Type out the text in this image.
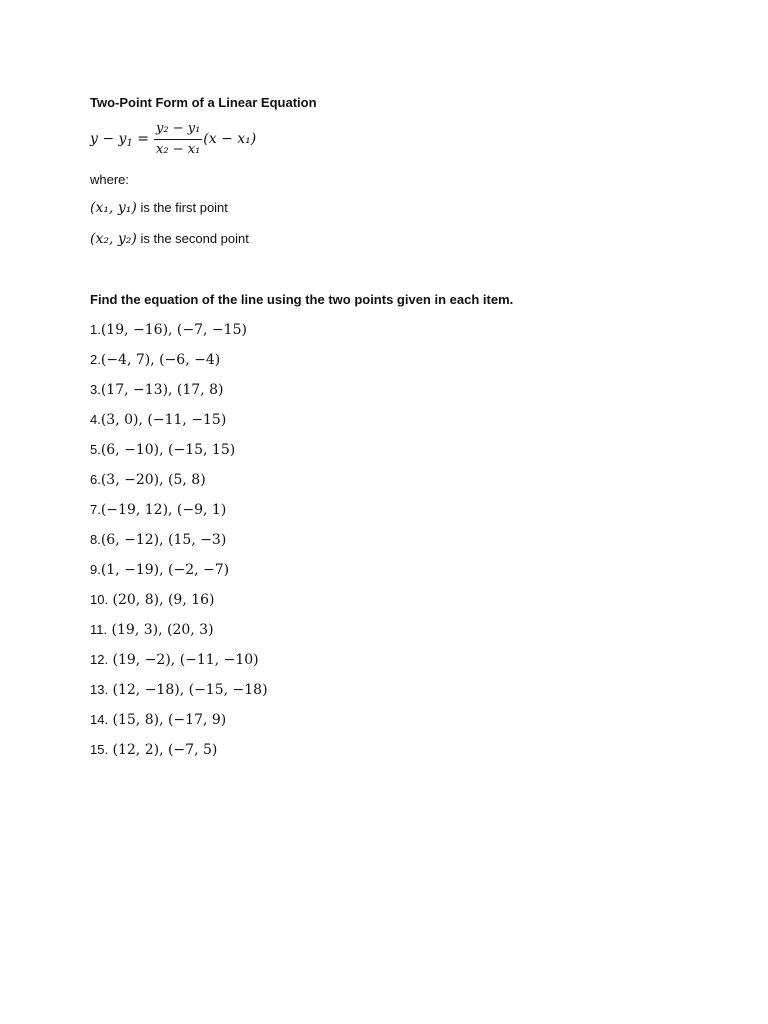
Two-Point Form of a Linear Equation
$y - y_1 = \frac{\text{y₂ − y₁}}{\text{x₂ − x₁}} (x - x_1)$
where:
(x₁, y₁) is the first point
(x₂, y₂) is the second point
Find the equation of the line using the two points given in each item.
1.(19, −16), (−7, −15)
2.(−4, 7), (−6, −4)
3.(17, −13), (17, 8)
4.(3, 0), (−11, −15)
5.(6, −10), (−15, 15)
6.(3, −20), (5, 8)
7.(−19, 12), (−9, 1)
8.(6, −12), (15, −3)
9.(1, −19), (−2, −7)
10. (20, 8), (9, 16)
11. (19, 3), (20, 3)
12. (19, −2), (−11, −10)
13. (12, −18), (−15, −18)
14. (15, 8), (−17, 9)
15. (12, 2), (−7, 5)
